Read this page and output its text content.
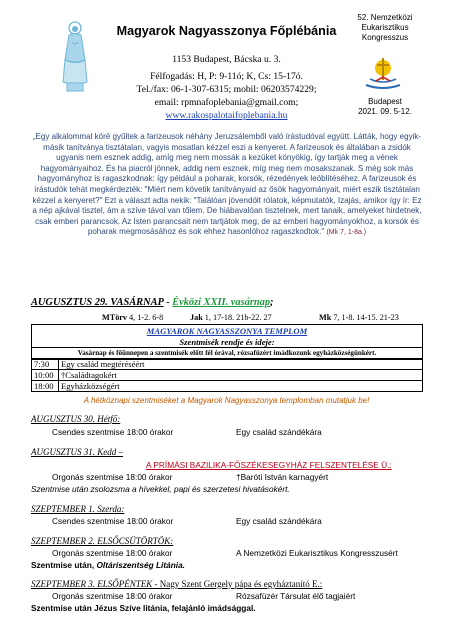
Magyarok Nagyasszonya Főplébánia
1153 Budapest, Bácska u. 3.
Félfogadás: H, P: 9-11ó; K, Cs: 15-17ó.
Tel./fax: 06-1-307-6315; mobil: 06203574229;
email: rpmnafoplebania@gmail.com;
www.rakospalotaifoplebania.hu
52. Nemzetközi
Eukarisztikus
Kongresszus
Budapest
2021. 09. 5-12.
„Egy alkalommal köré gyűltek a farizeusok néhány Jeruzsálemből való írástudóval együtt. Látták, hogy egyik-másik tanítványa tisztátalan, vagyis mosatlan kézzel eszi a kenyeret. A farizeusok és általában a zsidók ugyanis nem esznek addig, amíg meg nem mossák a kezüket könyökig, így tartják meg a vének hagyományaihoz. És ha piacról jönnek, addig nem esznek, míg meg nem mosakszanak. S még sok más hagyományhoz is ragaszkodnak: így például a poharak, korsók, rézedények leöblítéséhez. A farizeusok és írástudók tehát megkérdezték: "Miért nem követik tanítványaid az ősök hagyományait, miért eszik tisztátalan kézzel a kenyeret?" Ezt a választ adta nekik: "Találóan jövendölt rólatok, képmutatók, Izajás, amikor így ír: Ez a nép ajkával tisztel, ám a szíve távol van tőlem. De hiábavalóan tisztelnek, mert tanaik, amelyeket hirdetnek, csak emberi parancsok. Az Isten parancsait nem tartjátok meg, de az emberi hagyományokhoz, a korsók és poharak megmosásához és sok ehhez hasonlóhoz ragaszkodtok." (Mk 7, 1-8a.)
AUGUSZTUS 29. VASÁRNAP - Évközi XXII. vasárnap;
MTörv 4, 1-2. 6-8	Jak 1, 17-18. 21b-22. 27	Mk 7, 1-8. 14-15. 21-23
MAGYAROK NAGYASSZONYA TEMPLOM
Szentmisék rendje és ideje:
Vasárnap és főünnepen a szentmisék előtt fél órával, rózsafüzért imádkozunk egyházközségünkért.
7:30	Egy család megtéréséért
10:00	†Családtagokért
18:00	Egyházközségért
A hétköznapi szentmiséket a Magyarok Nagyasszonya templomban mutatjuk be!
AUGUSZTUS 30. Hétfő:
Csendes szentmise 18:00 órakor	Egy család szándékára
AUGUSZTUS 31. Kedd –
A PRÍMÁSI BAZILIKA-FŐSZÉKESEGYHÁZ FELSZENTELÉSE Ü.:
Orgonás szentmise 18:00 órakor	†Baróti István karnagyért
Szentmise után zsolozsma a hívekkel, papi és szerzetesi hivatásokért.
SZEPTEMBER 1. Szerda:
Csendes szentmise 18:00 órakor	Egy család szándékára
SZEPTEMBER 2. ELSŐCSÜTÖRTÖK:
Orgonás szentmise 18:00 órakor	A Nemzetközi Eukarisztikus Kongresszusért
Szentmise után, Oltáriszentség Litánia.
SZEPTEMBER 3. ELSŐPÉNTEK - Nagy Szent Gergely pápa és egyháztanító E.:
Orgonás szentmise 18:00 órakor	Rózsafüzér Társulat élő tagjaiért
Szentmise után Jézus Szíve litánia, felajánló imádsággal.
